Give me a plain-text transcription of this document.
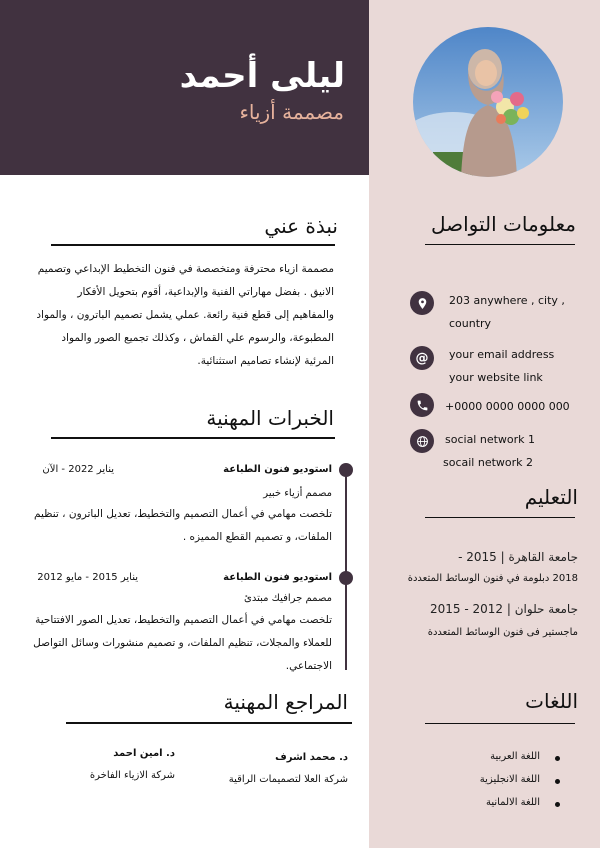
ليلى أحمد
مصممة أزياء
نبذة عني
مصممة ازياء محترفة ومتخصصة في فنون التخطيط الإبداعي وتصميم
الانيق . بفضل مهاراتي الفنية والإبداعية، أقوم بتحويل الأفكار
والمفاهيم إلى قطع فنية رائعة. عملي يشمل تصميم الباترون ، والمواد
المطبوعة، والرسوم علي القماش ، وكذلك تجميع الصور والمواد
المرئية لإنشاء تصاميم استثنائية.
الخبرات المهنية
استوديو فنون الطباعة
يناير 2022 - الآن
مصمم أزياء خبير
تلخصت مهامي في أعمال التصميم والتخطيط، تعديل الباترون ، تنظيم
الملفات، و تصميم القطع المميزه .
استوديو فنون الطباعة
يناير 2015 - مايو 2012
مصمم جرافيك مبتدئ
تلخصت مهامي في أعمال التصميم والتخطيط، تعديل الصور الافتتاحية
للعملاء والمجلات، تنظيم الملفات، و تصميم منشورات وسائل التواصل
الاجتماعي.
المراجع المهنية
د. محمد اشرف
شركة العلا لتصميمات الراقية
د. امين احمد
شركة الازياء الفاخرة
معلومات التواصل
203 anywhere , city ,
country
@ your email address
your website link
+0000 0000 0000 000
social network 1
socail network 2
التعليم
جامعة القاهرة | 2015 -
2018 دبلومة في فنون الوسائط المتعددة
جامعة حلوان | 2012 - 2015
ماجستير فى فنون الوسائط المتعددة
اللغات
اللغة العربية
اللغة الانجليزية
اللغة الالمانية
